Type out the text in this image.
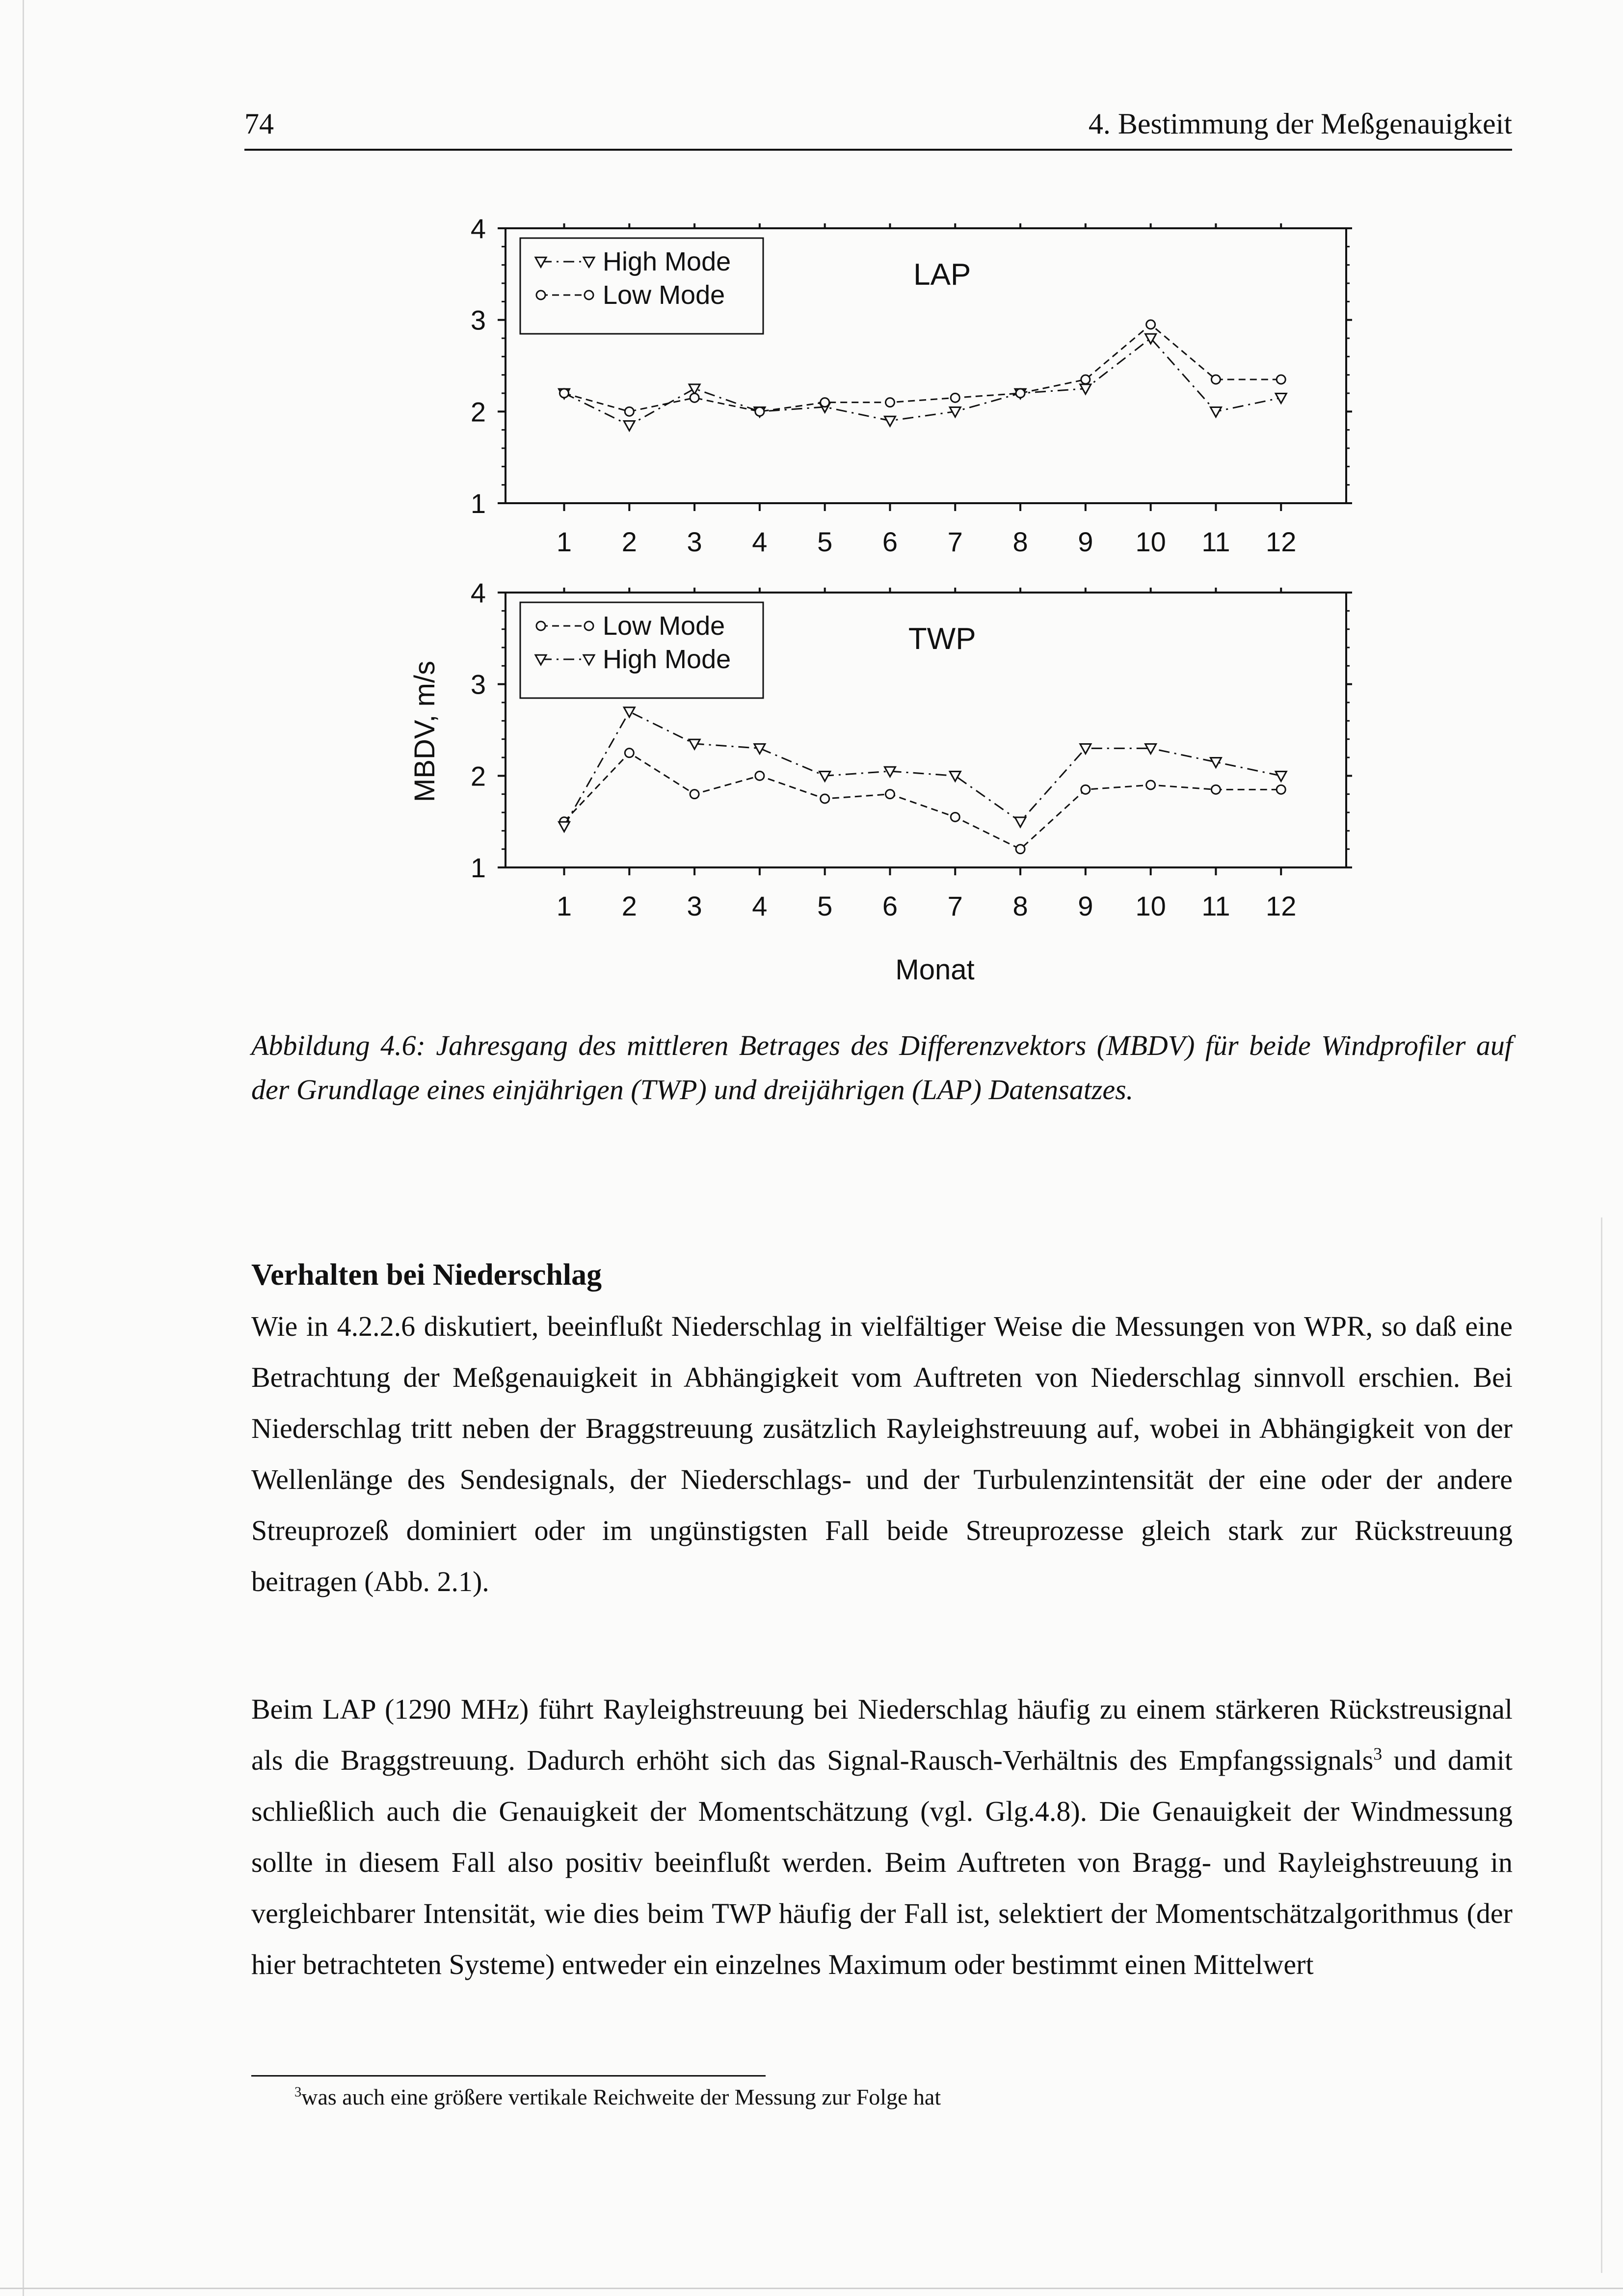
74	4. Bestimmung der Meßgenauigkeit
MBDV, m/s
Monat
1
2
3
4
1 2 3 4 5 6 7 8 9 10 11 12
LAP
High Mode
Low Mode
1
2
3
4
1 2 3 4 5 6 7 8 9 10 11 12
TWP
Low Mode
High Mode
Abbildung 4.6: Jahresgang des mittleren Betrages des Differenzvektors (MBDV) für beide Windprofiler auf der Grundlage eines einjährigen (TWP) und dreijährigen (LAP) Datensatzes.
Verhalten bei Niederschlag

Wie in 4.2.2.6 diskutiert, beeinflußt Niederschlag in vielfältiger Weise die Messungen von WPR, so daß eine Betrachtung der Meßgenauigkeit in Abhängigkeit vom Auftreten von Niederschlag sinnvoll erschien. Bei Niederschlag tritt neben der Braggstreuung zusätzlich Rayleighstreuung auf, wobei in Abhängigkeit von der Wellenlänge des Sendesignals, der Niederschlags- und der Turbulenzintensität der eine oder der andere Streuprozeß dominiert oder im ungünstigsten Fall beide Streuprozesse gleich stark zur Rückstreuung beitragen (Abb. 2.1).

Beim LAP (1290 MHz) führt Rayleighstreuung bei Niederschlag häufig zu einem stärkeren Rückstreusignal als die Braggstreuung. Dadurch erhöht sich das Signal-Rausch-Verhältnis des Empfangssignals$^3$ und damit schließlich auch die Genauigkeit der Momentschätzung (vgl. Glg.4.8). Die Genauigkeit der Windmessung sollte in diesem Fall also positiv beeinflußt werden. Beim Auftreten von Bragg- und Rayleighstreuung in vergleichbarer Intensität, wie dies beim TWP häufig der Fall ist, selektiert der Momentschätzalgorithmus (der hier betrachteten Systeme) entweder ein einzelnes Maximum oder bestimmt einen Mittelwert

$^3$was auch eine größere vertikale Reichweite der Messung zur Folge hat
